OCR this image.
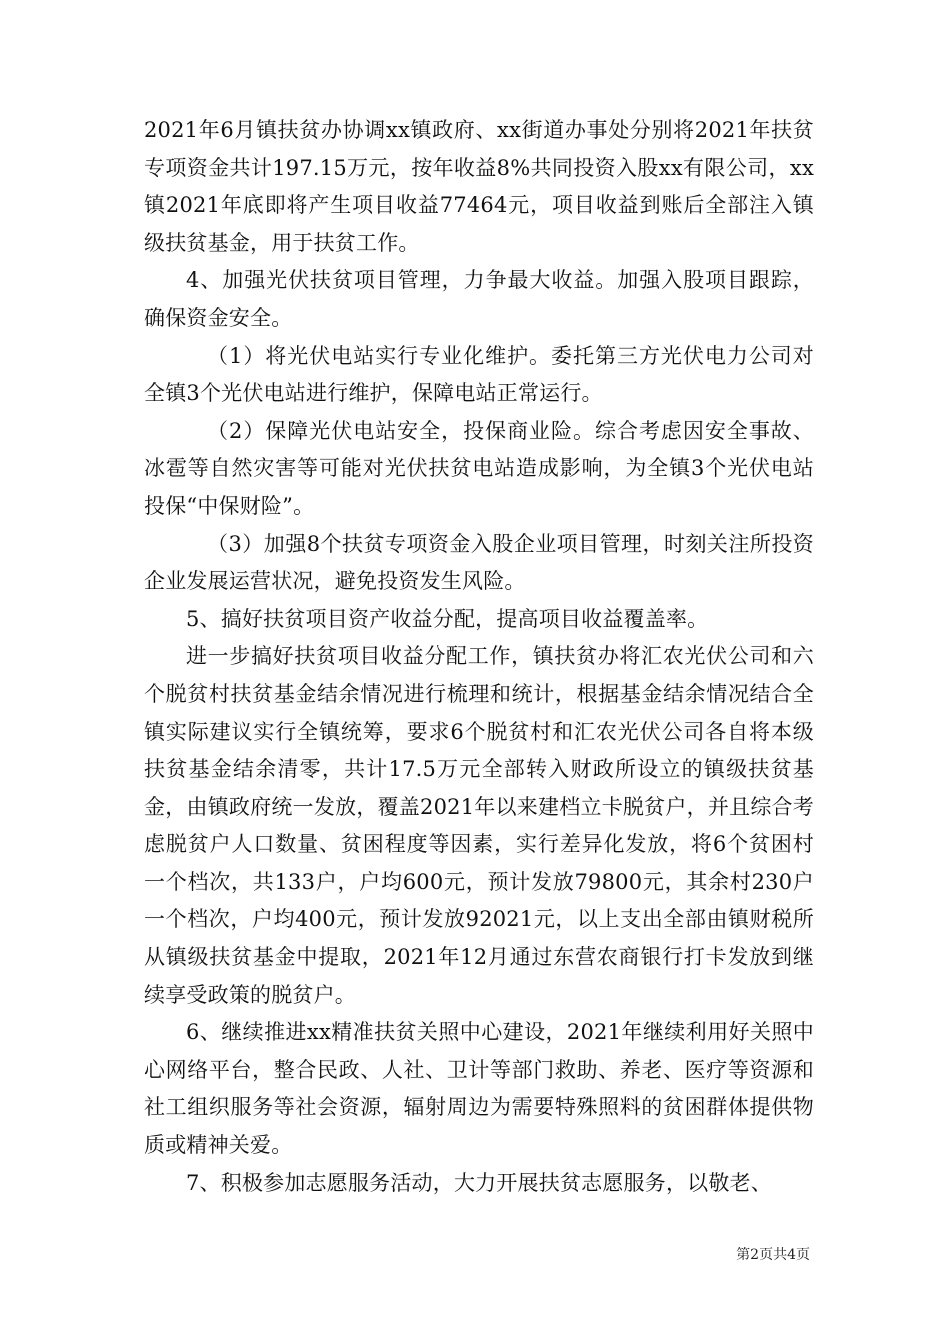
2021年6月镇扶贫办协调xx镇政府、xx街道办事处分别将2021年扶贫专项资金共计197.15万元，按年收益8%共同投资入股xx有限公司，xx镇2021年底即将产生项目收益77464元，项目收益到账后全部注入镇级扶贫基金，用于扶贫工作。

4、加强光伏扶贫项目管理，力争最大收益。加强入股项目跟踪，确保资金安全。

（1）将光伏电站实行专业化维护。委托第三方光伏电力公司对全镇3个光伏电站进行维护，保障电站正常运行。

（2）保障光伏电站安全，投保商业险。综合考虑因安全事故、冰雹等自然灾害等可能对光伏扶贫电站造成影响，为全镇3个光伏电站投保“中保财险”。

（3）加强8个扶贫专项资金入股企业项目管理，时刻关注所投资企业发展运营状况，避免投资发生风险。

5、搞好扶贫项目资产收益分配，提高项目收益覆盖率。

进一步搞好扶贫项目收益分配工作，镇扶贫办将汇农光伏公司和六个脱贫村扶贫基金结余情况进行梳理和统计，根据基金结余情况结合全镇实际建议实行全镇统筹，要求6个脱贫村和汇农光伏公司各自将本级扶贫基金结余清零，共计17.5万元全部转入财政所设立的镇级扶贫基金，由镇政府统一发放，覆盖2021年以来建档立卡脱贫户，并且综合考虑脱贫户人口数量、贫困程度等因素，实行差异化发放，将6个贫困村一个档次，共133户，户均600元，预计发放79800元，其余村230户一个档次，户均400元，预计发放92021元，以上支出全部由镇财税所从镇级扶贫基金中提取，2021年12月通过东营农商银行打卡发放到继续享受政策的脱贫户。

6、继续推进xx精准扶贫关照中心建设，2021年继续利用好关照中心网络平台，整合民政、人社、卫计等部门救助、养老、医疗等资源和社工组织服务等社会资源，辐射周边为需要特殊照料的贫困群体提供物质或精神关爱。

7、积极参加志愿服务活动，大力开展扶贫志愿服务，以敬老、

第2页共4页
